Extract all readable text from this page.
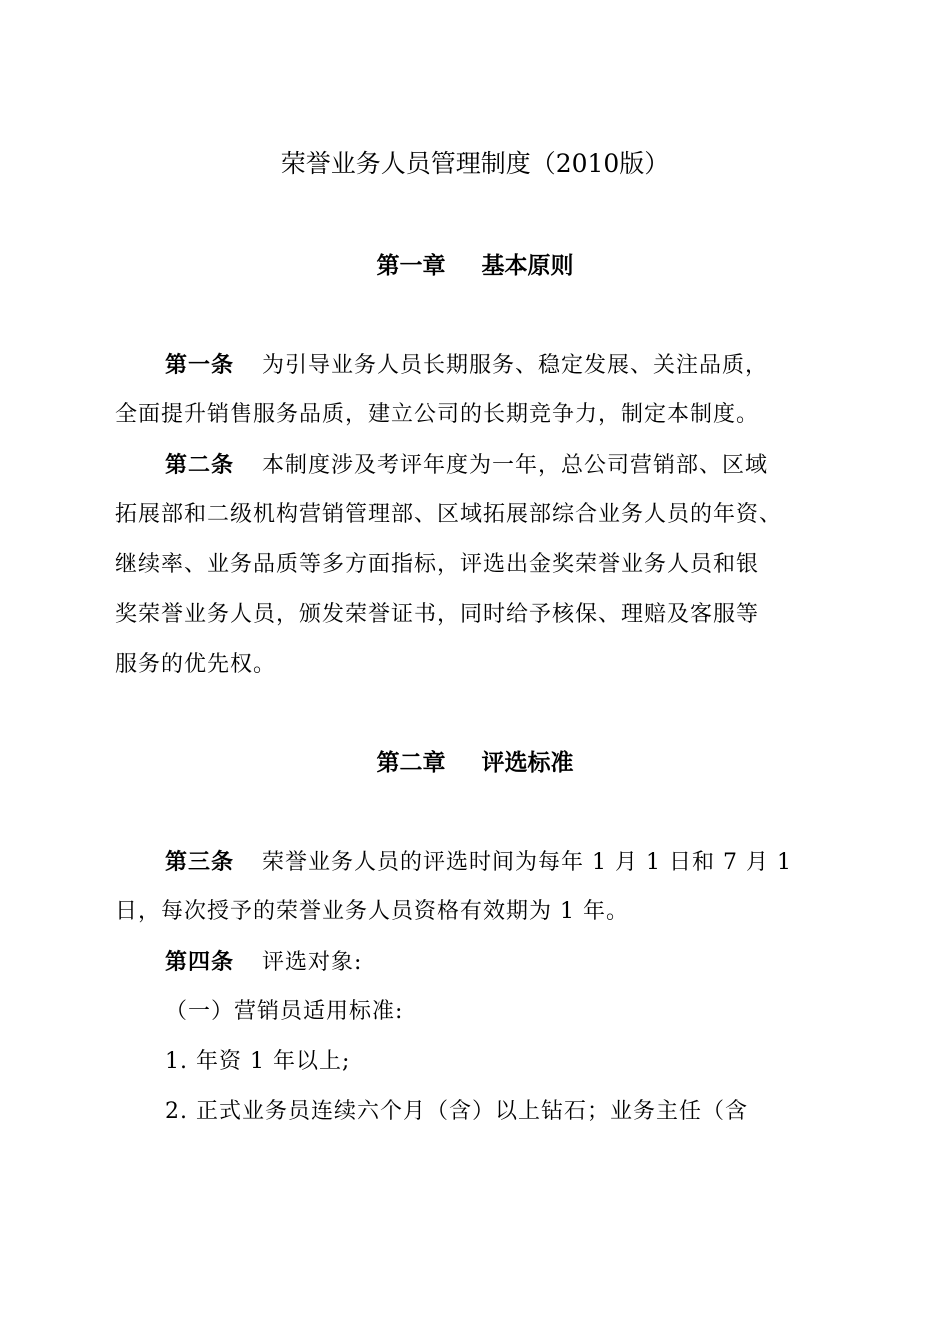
荣誉业务人员管理制度（2010版）
第一章 基本原则
第一条 为引导业务人员长期服务、稳定发展、关注品质，
全面提升销售服务品质，建立公司的长期竞争力，制定本制度。
第二条 本制度涉及考评年度为一年，总公司营销部、区域
拓展部和二级机构营销管理部、区域拓展部综合业务人员的年资、
继续率、业务品质等多方面指标，评选出金奖荣誉业务人员和银
奖荣誉业务人员，颁发荣誉证书，同时给予核保、理赔及客服等
服务的优先权。
第二章 评选标准
第三条 荣誉业务人员的评选时间为每年 1 月 1 日和 7 月 1
日，每次授予的荣誉业务人员资格有效期为 1 年。
第四条 评选对象:
（一）营销员适用标准:
1. 年资 1 年以上;
2. 正式业务员连续六个月（含）以上钻石；业务主任（含
